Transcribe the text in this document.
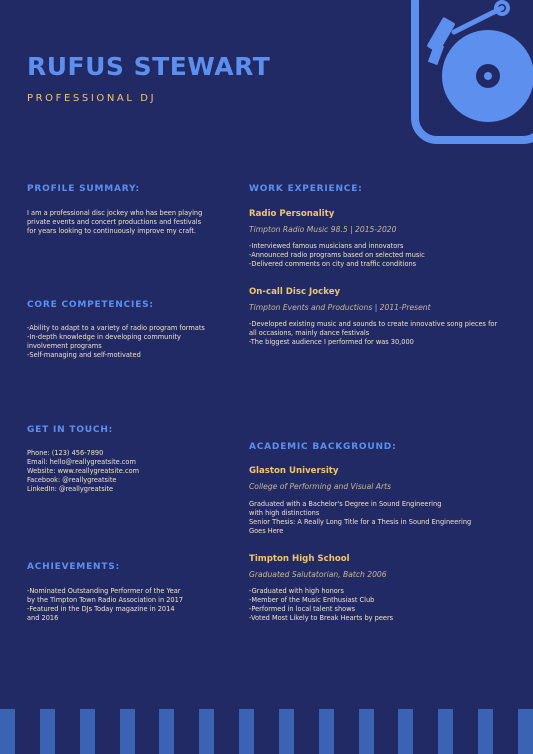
RUFUS STEWART
PROFESSIONAL DJ
PROFILE SUMMARY:
I am a professional disc jockey who has been playing
private events and concert productions and festivals
for years looking to continuously improve my craft.
CORE COMPETENCIES:
-Ability to adapt to a variety of radio program formats
-In-depth knowledge in developing community
involvement programs
-Self-managing and self-motivated
GET IN TOUCH:
Phone: (123) 456-7890
Email: hello@reallygreatsite.com
Website: www.reallygreatsite.com
Facebook: @reallygreatsite
LinkedIn: @reallygreatsite
ACHIEVEMENTS:
-Nominated Outstanding Performer of the Year
by the Timpton Town Radio Association in 2017
-Featured in the DJs Today magazine in 2014
and 2016
WORK EXPERIENCE:
Radio Personality
Timpton Radio Music 98.5 | 2015-2020
-Interviewed famous musicians and innovators
-Announced radio programs based on selected music
-Delivered comments on city and traffic conditions
On-call Disc Jockey
Timpton Events and Productions | 2011-Present
-Developed existing music and sounds to create innovative song pieces for
all occasions, mainly dance festivals
-The biggest audience I performed for was 30,000
ACADEMIC BACKGROUND:
Glaston University
College of Performing and Visual Arts
Graduated with a Bachelor's Degree in Sound Engineering
with high distinctions
Senior Thesis: A Really Long Title for a Thesis in Sound Engineering
Goes Here
Timpton High School
Graduated Salutatorian, Batch 2006
-Graduated with high honors
-Member of the Music Enthusiast Club
-Performed in local talent shows
-Voted Most Likely to Break Hearts by peers
